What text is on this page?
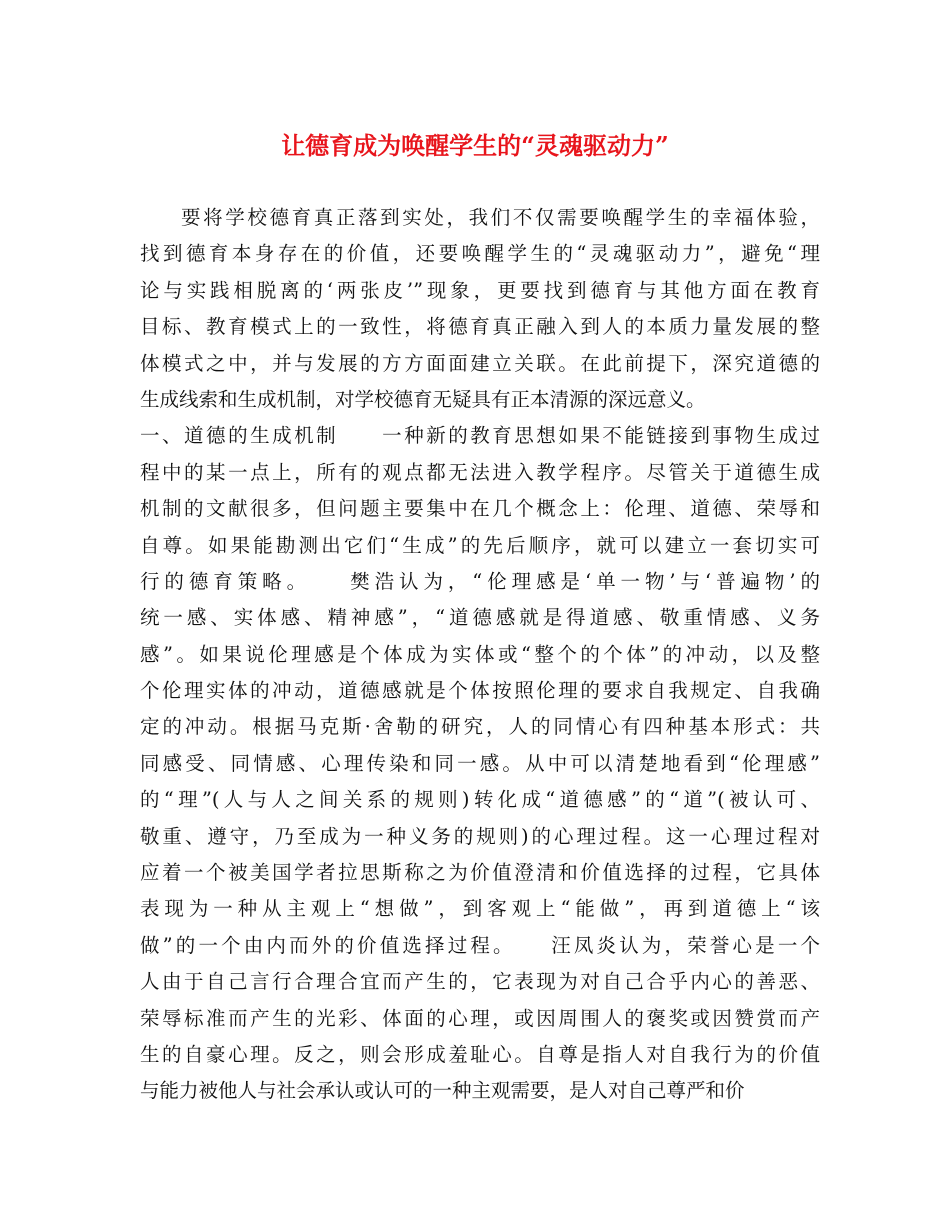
让德育成为唤醒学生的“灵魂驱动力”
要将学校德育真正落到实处，我们不仅需要唤醒学生的幸福体验，
找到德育本身存在的价值，还要唤醒学生的“灵魂驱动力”，避免“理
论与实践相脱离的‘两张皮’”现象，更要找到德育与其他方面在教育
目标、教育模式上的一致性，将德育真正融入到人的本质力量发展的整
体模式之中，并与发展的方方面面建立关联。在此前提下，深究道德的
生成线索和生成机制，对学校德育无疑具有正本清源的深远意义。
一、道德的生成机制　　一种新的教育思想如果不能链接到事物生成过
程中的某一点上，所有的观点都无法进入教学程序。尽管关于道德生成
机制的文献很多，但问题主要集中在几个概念上：伦理、道德、荣辱和
自尊。如果能勘测出它们“生成”的先后顺序，就可以建立一套切实可
行的德育策略。　　樊浩认为，“伦理感是‘单一物’与‘普遍物’的
统一感、实体感、精神感”，“道德感就是得道感、敬重情感、义务
感”。如果说伦理感是个体成为实体或“整个的个体”的冲动，以及整
个伦理实体的冲动，道德感就是个体按照伦理的要求自我规定、自我确
定的冲动。根据马克斯·舍勒的研究，人的同情心有四种基本形式：共
同感受、同情感、心理传染和同一感。从中可以清楚地看到“伦理感”
的“理”(人与人之间关系的规则)转化成“道德感”的“道”(被认可、
敬重、遵守，乃至成为一种义务的规则)的心理过程。这一心理过程对
应着一个被美国学者拉思斯称之为价值澄清和价值选择的过程，它具体
表现为一种从主观上“想做”，到客观上“能做”，再到道德上“该
做”的一个由内而外的价值选择过程。　　汪凤炎认为，荣誉心是一个
人由于自己言行合理合宜而产生的，它表现为对自己合乎内心的善恶、
荣辱标准而产生的光彩、体面的心理，或因周围人的褒奖或因赞赏而产
生的自豪心理。反之，则会形成羞耻心。自尊是指人对自我行为的价值
与能力被他人与社会承认或认可的一种主观需要，是人对自己尊严和价
